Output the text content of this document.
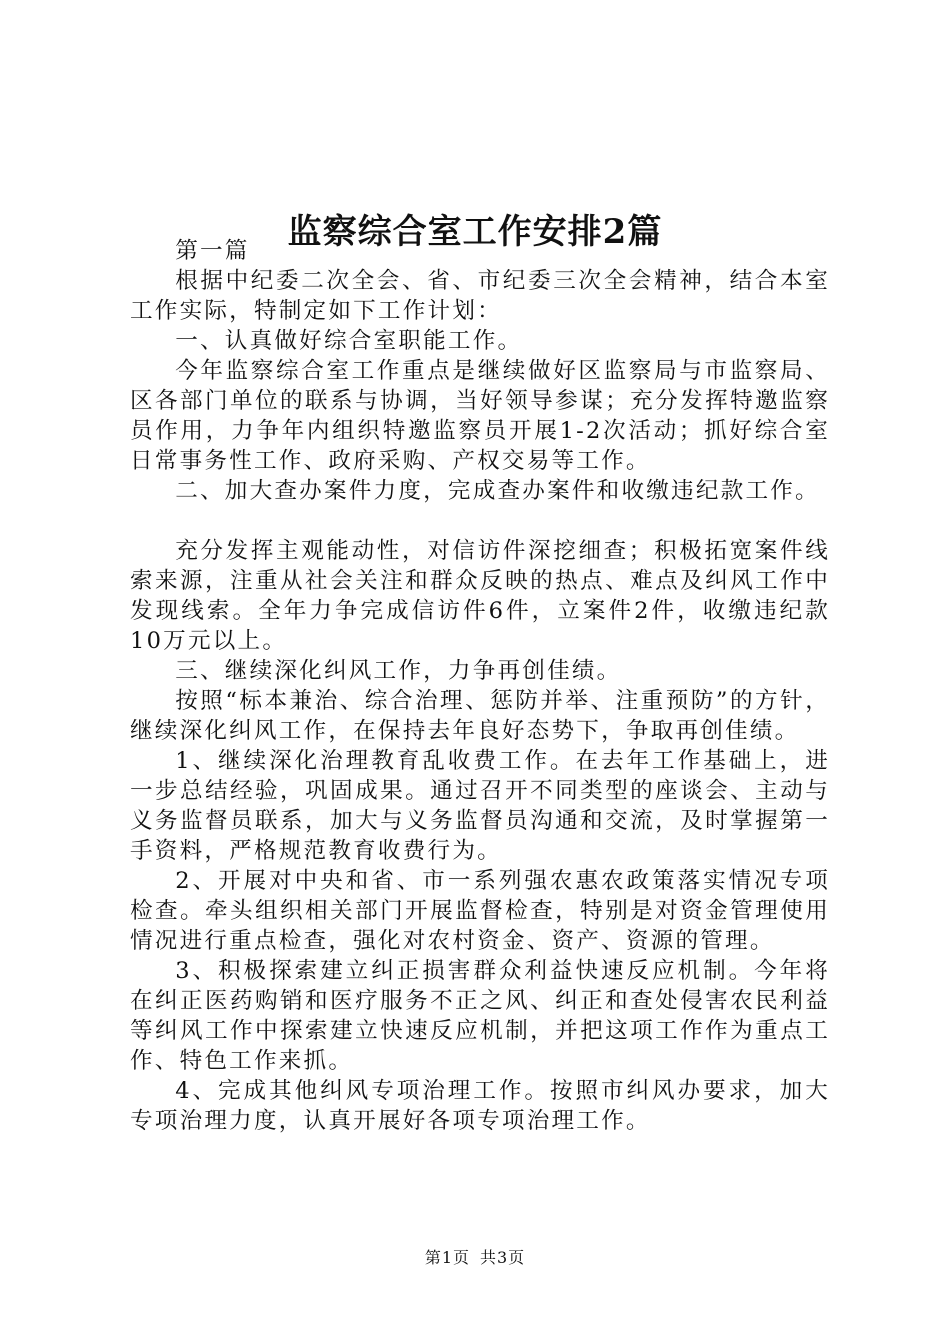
监察综合室工作安排2篇

第一篇

根据中纪委二次全会、省、市纪委三次全会精神，结合本室工作实际，特制定如下工作计划：

一、认真做好综合室职能工作。

今年监察综合室工作重点是继续做好区监察局与市监察局、区各部门单位的联系与协调，当好领导参谋；充分发挥特邀监察员作用，力争年内组织特邀监察员开展1-2次活动；抓好综合室日常事务性工作、政府采购、产权交易等工作。

二、加大查办案件力度，完成查办案件和收缴违纪款工作。

充分发挥主观能动性，对信访件深挖细查；积极拓宽案件线索来源，注重从社会关注和群众反映的热点、难点及纠风工作中发现线索。全年力争完成信访件6件，立案件2件，收缴违纪款10万元以上。

三、继续深化纠风工作，力争再创佳绩。

按照“标本兼治、综合治理、惩防并举、注重预防”的方针，继续深化纠风工作，在保持去年良好态势下，争取再创佳绩。

1、继续深化治理教育乱收费工作。在去年工作基础上，进一步总结经验，巩固成果。通过召开不同类型的座谈会、主动与义务监督员联系，加大与义务监督员沟通和交流，及时掌握第一手资料，严格规范教育收费行为。

2、开展对中央和省、市一系列强农惠农政策落实情况专项检查。牵头组织相关部门开展监督检查，特别是对资金管理使用情况进行重点检查，强化对农村资金、资产、资源的管理。

3、积极探索建立纠正损害群众利益快速反应机制。今年将在纠正医药购销和医疗服务不正之风、纠正和查处侵害农民利益等纠风工作中探索建立快速反应机制，并把这项工作作为重点工作、特色工作来抓。

4、完成其他纠风专项治理工作。按照市纠风办要求，加大专项治理力度，认真开展好各项专项治理工作。

第1页 共3页
